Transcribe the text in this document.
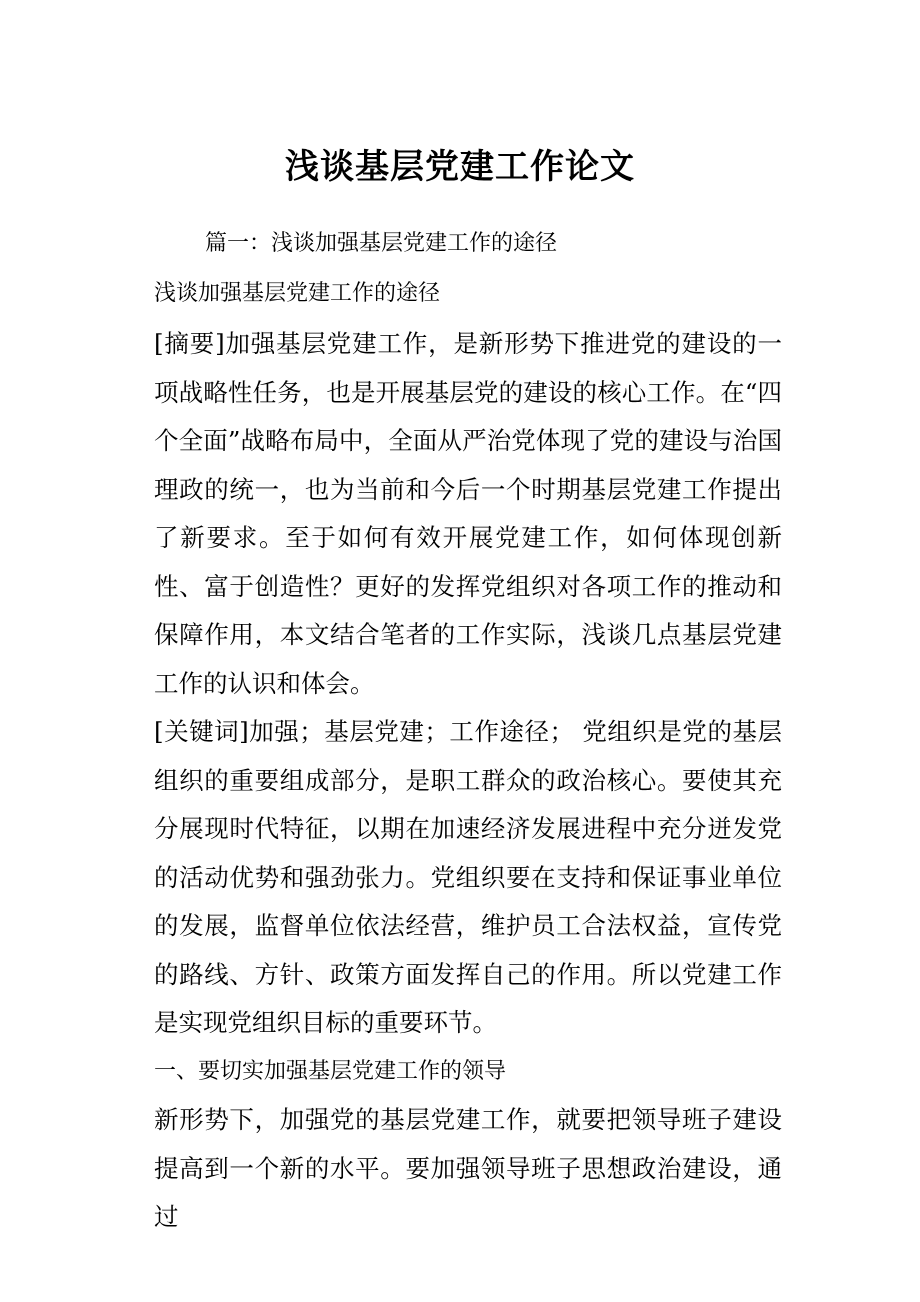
浅谈基层党建工作论文
篇一：浅谈加强基层党建工作的途径
浅谈加强基层党建工作的途径

[摘要]加强基层党建工作，是新形势下推进党的建设的一项战略性任务，也是开展基层党的建设的核心工作。在“四个全面”战略布局中，全面从严治党体现了党的建设与治国理政的统一，也为当前和今后一个时期基层党建工作提出了新要求。至于如何有效开展党建工作，如何体现创新性、富于创造性？更好的发挥党组织对各项工作的推动和保障作用，本文结合笔者的工作实际，浅谈几点基层党建工作的认识和体会。

[关键词]加强；基层党建；工作途径； 党组织是党的基层组织的重要组成部分，是职工群众的政治核心。要使其充分展现时代特征，以期在加速经济发展进程中充分迸发党的活动优势和强劲张力。党组织要在支持和保证事业单位的发展，监督单位依法经营，维护员工合法权益，宣传党的路线、方针、政策方面发挥自己的作用。所以党建工作是实现党组织目标的重要环节。

一、要切实加强基层党建工作的领导

新形势下，加强党的基层党建工作，就要把领导班子建设提高到一个新的水平。要加强领导班子思想政治建设，通过
